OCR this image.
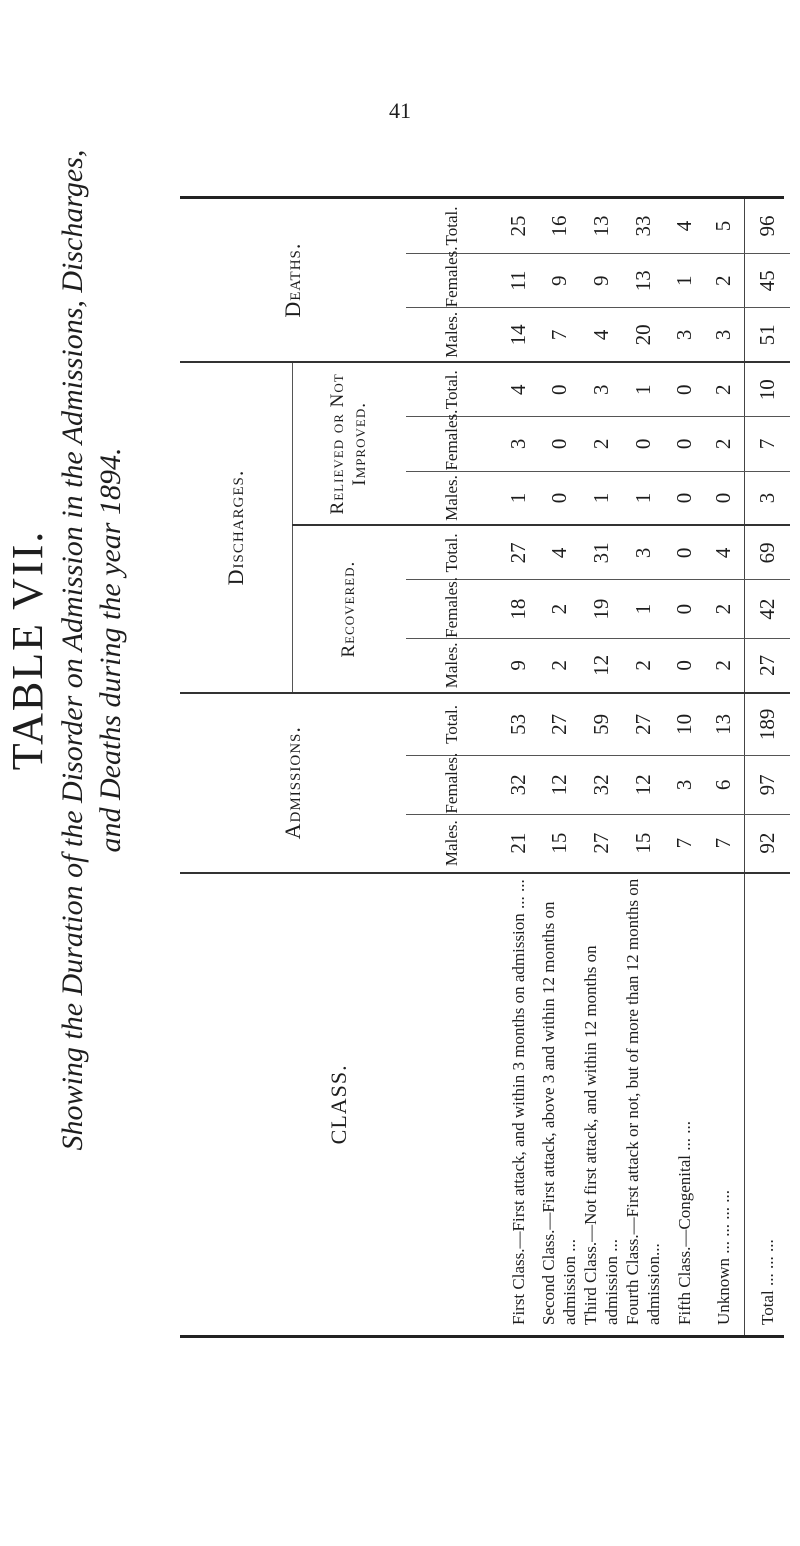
41

TABLE VII. Showing the Duration of the Disorder on Admission in the Admissions, Discharges, and Deaths during the year 1894.

CLASS.	Admissions.			Discharges.						Deaths.		
				Recovered.			Relieved or Not Improved.					
	Males.	Females.	Total.	Males.	Females.	Total.	Males.	Females.	Total.	Males.	Females.	Total.
First Class.—First attack, and within 3 months on admission ... ...	21	32	53	9	18	27	1	3	4	14	11	25
Second Class.—First attack, above 3 and within 12 months on admission ...	15	12	27	2	2	4	0	0	0	7	9	16
Third Class.—Not first attack, and within 12 months on admission ...	27	32	59	12	19	31	1	2	3	4	9	13
Fourth Class.—First attack or not, but of more than 12 months on admission...	15	12	27	2	1	3	1	0	1	20	13	33
Fifth Class.—Congenital ... ...	7	3	10	0	0	0	0	0	0	3	1	4
Unknown ... ... ... ...	7	6	13	2	2	4	0	2	2	3	2	5
Total ... ... ...	92	97	189	27	42	69	3	7	10	51	45	96
